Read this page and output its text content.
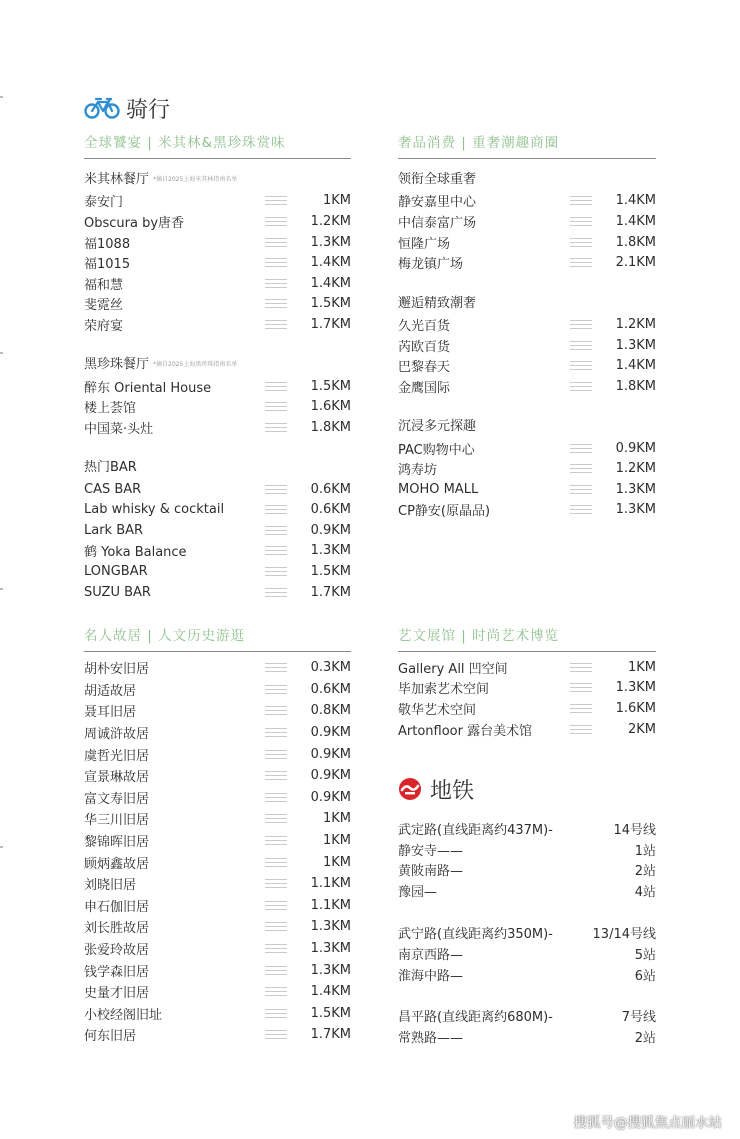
骑行
全球饕宴 | 米其林&黑珍珠赏味
米其林餐厅 $^{*摘自2025上海米其林指南名单}$
泰安门	1KM
Obscura by唐香	1.2KM
福1088	1.3KM
福1015	1.4KM
福和慧	1.4KM
斐霓丝	1.5KM
荣府宴	1.7KM
黑珍珠餐厅 $^{*摘自2025上海黑珍珠指南名单}$
醉东 Oriental House	1.5KM
楼上荟馆	1.6KM
中国菜·头灶	1.8KM
热门BAR
CAS BAR	0.6KM
Lab whisky & cocktail	0.6KM
Lark BAR	0.9KM
鹤 Yoka Balance	1.3KM
LONGBAR	1.5KM
SUZU BAR	1.7KM
奢品消费 | 重奢潮趣商圈
领衔全球重奢
静安嘉里中心	1.4KM
中信泰富广场	1.4KM
恒隆广场	1.8KM
梅龙镇广场	2.1KM
邂逅精致潮奢
久光百货	1.2KM
芮欧百货	1.3KM
巴黎春天	1.4KM
金鹰国际	1.8KM
沉浸多元探趣
PAC购物中心	0.9KM
鸿寿坊	1.2KM
MOHO MALL	1.3KM
CP静安(原晶品)	1.3KM
名人故居 | 人文历史游逛
胡朴安旧居	0.3KM
胡适故居	0.6KM
聂耳旧居	0.8KM
周诚浒故居	0.9KM
虞哲光旧居	0.9KM
宣景琳故居	0.9KM
富文寿旧居	0.9KM
华三川旧居	1KM
黎锦晖旧居	1KM
顾炳鑫故居	1KM
刘晓旧居	1.1KM
申石伽旧居	1.1KM
刘长胜故居	1.3KM
张爱玲故居	1.3KM
钱学森旧居	1.3KM
史量才旧居	1.4KM
小校经阁旧址	1.5KM
何东旧居	1.7KM
艺文展馆 | 时尚艺术博览
Gallery All 凹空间	1KM
毕加索艺术空间	1.3KM
敬华艺术空间	1.6KM
Artonfloor 露台美术馆	2KM
地铁
武定路(直线距离约437M)-	14号线
静安寺——	1站
黄陂南路—	2站
豫园—	4站
武宁路(直线距离约350M)-	13/14号线
南京西路—	5站
淮海中路—	6站
昌平路(直线距离约680M)-	7号线
常熟路——	2站
搜狐号@搜狐焦点丽水站
